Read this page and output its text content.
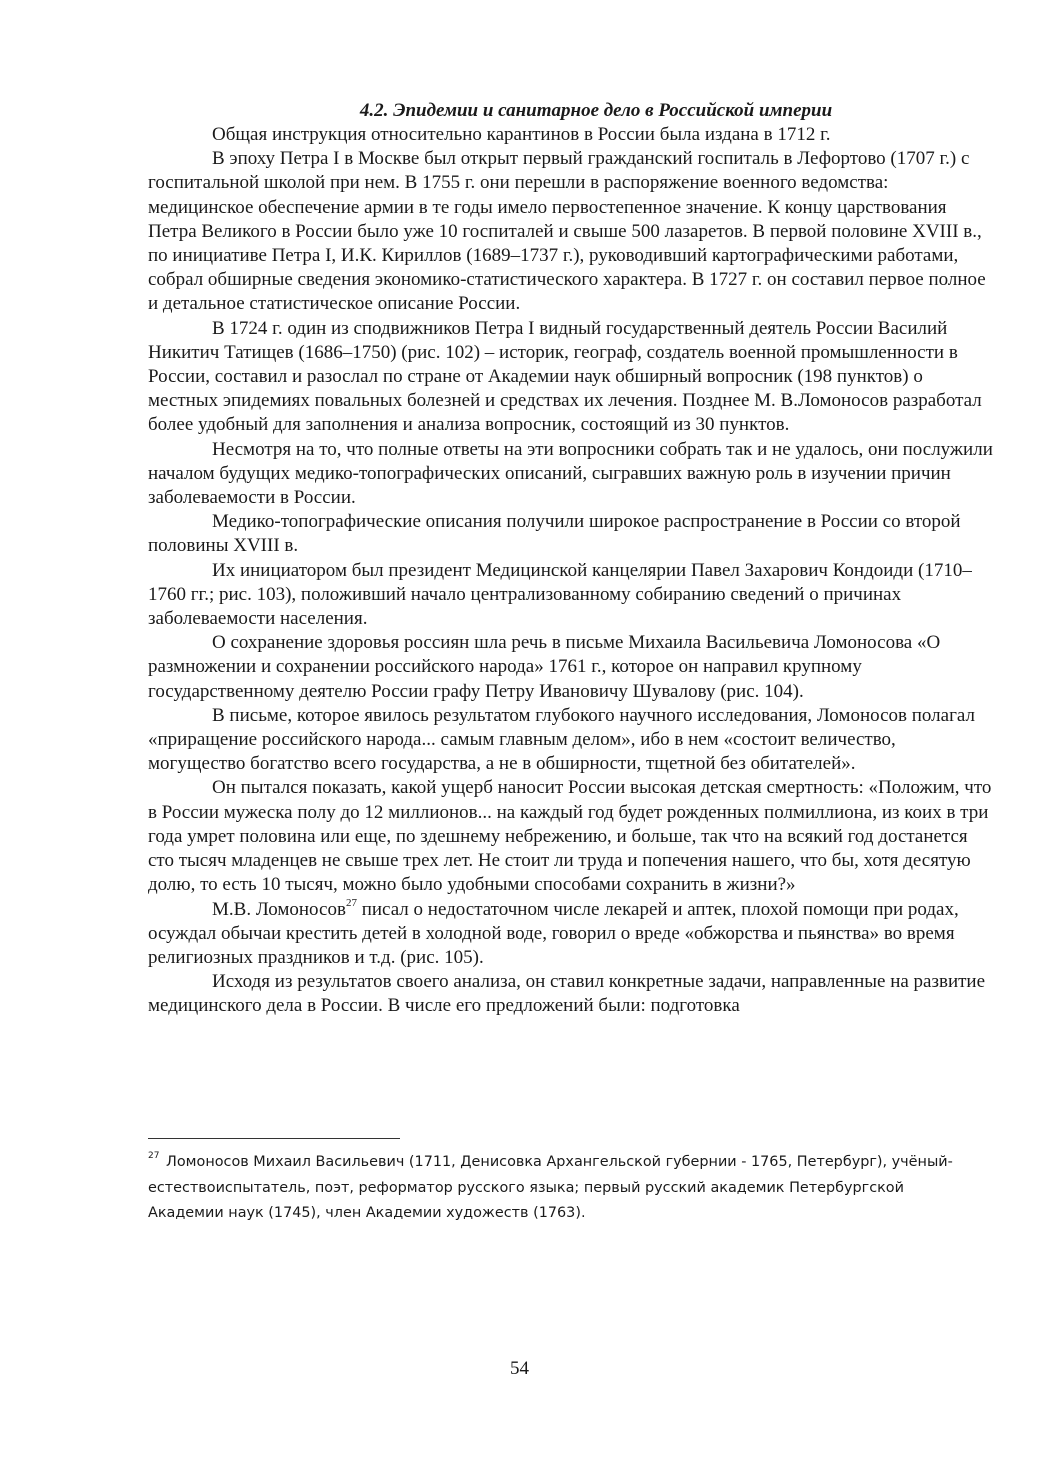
4.2. Эпидемии и санитарное дело в Российской империи

Общая инструкция относительно карантинов в России была издана в 1712 г.

В эпоху Петра I в Москве был открыт первый гражданский госпиталь в Лефортово (1707 г.) с госпитальной школой при нем. В 1755 г. они перешли в распоряжение военного ведомства: медицинское обеспечение армии в те годы имело первостепенное значение. К концу царствования Петра Великого в России было уже 10 госпиталей и свыше 500 лазаретов. В первой половине XVIII в., по инициативе Петра I, И.К. Кириллов (1689–1737 г.), руководивший картографическими работами, собрал обширные сведения экономико-статистического характера. В 1727 г. он составил первое полное и детальное статистическое описание России.

В 1724 г. один из сподвижников Петра I видный государственный деятель России Василий Никитич Татищев (1686–1750) (рис. 102) – историк, географ, создатель военной промышленности в России, составил и разослал по стране от Академии наук обширный вопросник (198 пунктов) о местных эпидемиях повальных болезней и средствах их лечения. Позднее М. В.Ломоносов разработал более удобный для заполнения и анализа вопросник, состоящий из 30 пунктов.

Несмотря на то, что полные ответы на эти вопросники собрать так и не удалось, они послужили началом будущих медико-топографических описаний, сыгравших важную роль в изучении причин заболеваемости в России.

Медико-топографические описания получили широкое распространение в России со второй половины XVIII в.

Их инициатором был президент Медицинской канцелярии Павел Захарович Кондоиди (1710–1760 гг.; рис. 103), положивший начало централизованному собиранию сведений о причинах заболеваемости населения.

О сохранение здоровья россиян шла речь в письме Михаила Васильевича Ломоносова «О размножении и сохранении российского народа» 1761 г., которое он направил крупному государственному деятелю России графу Петру Ивановичу Шувалову (рис. 104).

В письме, которое явилось результатом глубокого научного исследования, Ломоносов полагал «приращение российского народа... самым главным делом», ибо в нем «состоит величество, могущество богатство всего государства, а не в обширности, тщетной без обитателей».

Он пытался показать, какой ущерб наносит России высокая детская смертность: «Положим, что в России мужеска полу до 12 миллионов... на каждый год будет рожденных полмиллиона, из коих в три года умрет половина или еще, по здешнему небрежению, и больше, так что на всякий год достанется сто тысяч младенцев не свыше трех лет. Не стоит ли труда и попечения нашего, что бы, хотя десятую долю, то есть 10 тысяч, можно было удобными способами сохранить в жизни?»

М.В. Ломоносов$^{27}$ писал о недостаточном числе лекарей и аптек, плохой помощи при родах, осуждал обычаи крестить детей в холодной воде, говорил о вреде «обжорства и пьянства» во время религиозных праздников и т.д. (рис. 105).

Исходя из результатов своего анализа, он ставил конкретные задачи, направленные на развитие медицинского дела в России. В числе его предложений были: подготовка

$^{27}$ Ломоносов Михаил Васильевич (1711, Денисовка Архангельской губернии - 1765, Петербург), учёный-естествоиспытатель, поэт, реформатор русского языка; первый русский академик Петербургской Академии наук (1745), член Академии художеств (1763).

54
